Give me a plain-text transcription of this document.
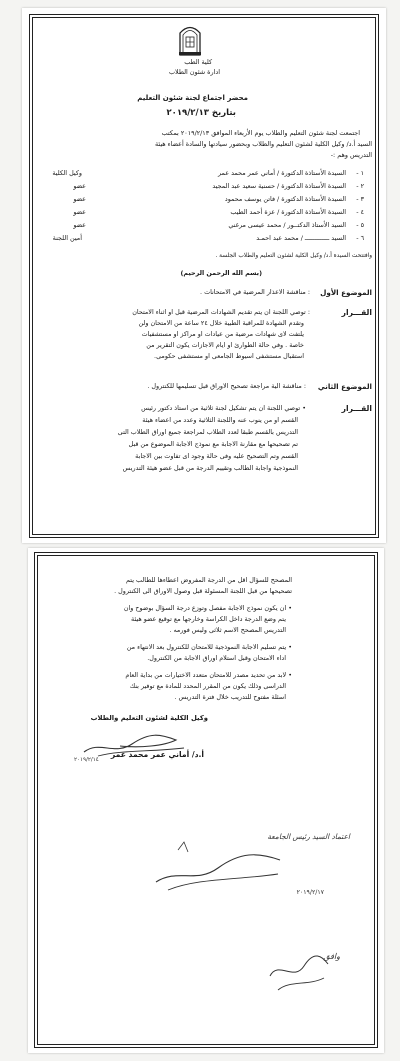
كلية الطب
ادارة شئون الطلاب
محضر اجتماع لجنة شئون التعليم
بتاريخ ٢٠١٩/٢/١٣
اجتمعت لجنة شئون التعليم والطلاب يوم الأربعاء الموافق ٢٠١٩/٢/١٣ بمكتب
السيد أ.د/ وكيل الكلية لشئون التعليم والطلاب وبحضور سيادتها والسادة أعضاء هيئة
التدريس وهم :-
١ -
السيدة الأستاذة الدكتورة / أماني عمر محمد عمر
وكيل الكلية
٢ -
السيدة الأستاذة الدكتورة / حسنية سعيد عبد المجيد
عضو
٣ -
السيدة الأستاذة الدكتورة / فاتن يوسف محمود
عضو
٤ -
السيدة الأستاذة الدكتورة / عزة أحمد الطيب
عضو
٥ -
السيد الأستاذ الدكتــور / محمد عيسى مرغني
عضو
٦ -
السيد ـــــــــــــ / محمد عبد احمـد
أمين اللجنة
وافتتحت السيدة أ.د/ وكيل الكلية لشئون التعليم والطلاب الجلسة .
(بسم الله الرحمن الرحيم)
الموضوع الأول
: مناقشة الاعذار المرضية في الامتحانات .
القـــرار
: توصي اللجنة ان يتم تقديم الشهادات المرضية قبل او اثناء الامتحان
وتقدم الشهادة للمراقبة الطبية خلال ٢٤ ساعة من الامتحان ولن
يلتفت لاى شهادات مرضية من عيادات او مراكز او مستشفيات
خاصة . وفي حالة الطوارئ او ايام الاجازات يكون التقرير من
استقبال مستشفى اسيوط الجامعى او مستشفى حكومى.
الموضوع الثاني
: مناقشة الية مراجعة تصحيح الاوراق قبل تسليمها للكنترول .
القـــرار
• توصي اللجنة ان يتم تشكيل لجنة ثلاثية من استاذ دكتور رئيس
القسم او من ينوب عنه واللجنة الثلاثية وعدد من اعضاء هيئة
التدريس بالقسم طبقا لعدد الطلاب لمراجعة جميع اوراق الطلاب التى
تم تصحيحها مع مقارنة الاجابة مع نموذج الاجابة الموضوع من قبل
القسم وتم التصحيح عليه وفى حالة وجود اى تفاوت بين الاجابة
النموذجية واجابة الطالب وتقييم الدرجة من قبل عضو هيئة التدريس
المصحح للسؤال اقل من الدرجة المفروض اعطاءها للطالب يتم
تصحيحها من قبل اللجنة المسئولة قبل وصول الاوراق الى الكنترول .
• ان يكون نموذج الاجابة مفصل وتوزع درجة السؤال بوضوح وان
يتم وضع الدرجة داخل الكراسة وخارجها مع توقيع عضو هيئة
التدريس المصحح الاسم ثلاثى وليس فورمه .
• يتم تسليم الاجابة النموذجية للامتحان للكنترول بعد الانتهاء من
اداء الامتحان وقبل استلام اوراق الاجابة من الكنترول.
• لابد من تحديد مصدر للامتحان متعدد الاختيارات من بداية العام
الدراسى وذلك يكون من المقرر المحدد للمادة مع توفير بنك
اسئلة مفتوح للتدريب خلال فترة التدريس .
وكيل الكلية لشئون التعليم والطلاب
٢٠١٩/٢/١٤
أ.د/ أماني عمر محمد عمر
اعتماد السيد رئيس الجامعة
٢٠١٩/٢/١٧
وافق
